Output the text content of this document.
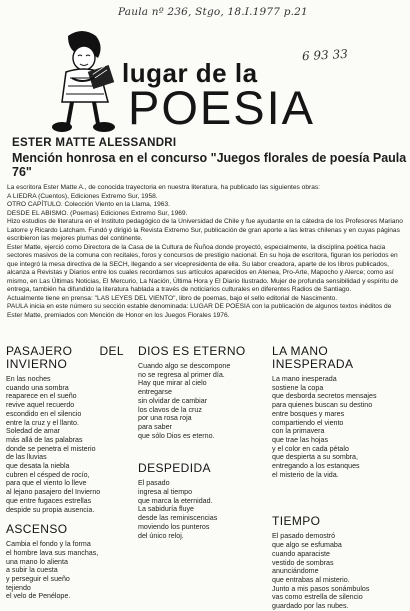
Paula nº 236, Stgo, 18.I.1977 p.21
6 93 33
lugar de la
POESIA
ESTER MATTE ALESSANDRI
Mención honrosa en el concurso "Juegos florales de poesía Paula 76"

La escritora Ester Matte A., de conocida trayectoria en nuestra literatura, ha publicado las siguientes obras:

A LIEDRA (Cuentos), Ediciones Extremo Sur, 1958.

OTRO CAPÍTULO. Colección Viento en la Llama, 1963.

DESDE EL ABISMO. (Poemas) Ediciones Extremo Sur, 1969.

Hizo estudios de literatura en el Instituto pedagógico de la Universidad de Chile y fue ayudante en la cátedra de los Profesores Mariano Latorre y Ricardo Latcham. Fundó y dirigió la Revista Extremo Sur, publicación de gran aporte a las letras chilenas y en cuyas páginas escribieron las mejores plumas del continente.

Ester Matte, ejerció como Directora de la Casa de la Cultura de Ñuñoa donde proyectó, especialmente, la disciplina poética hacia sectores masivos de la comuna con recitales, foros y concursos de prestigio nacional. En su hoja de escritora, figuran los períodos en que integró la mesa directiva de la SECH, llegando a ser vicepresidenta de ella. Su labor creadora, aparte de los libros publicados, alcanza a Revistas y Diarios entre los cuales recordamos sus artículos aparecidos en Atenea, Pro-Arte, Mapocho y Alerce; como así mismo, en Las Últimas Noticias, El Mercurio, La Nación, Última Hora y El Diario Ilustrado. Mujer de profunda sensibilidad y espíritu de entrega, también ha difundido la literatura hablada a través de noticiarios culturales en diferentes Radios de Santiago.

Actualmente tiene en prensa: "LAS LEYES DEL VIENTO", libro de poemas, bajo el sello editorial de Nascimento.

PAULA inicia en este número su sección estable denominada: LUGAR DE POESIA con la publicación de algunos textos inéditos de Ester Matte, premiados con Mención de Honor en los Juegos Florales 1976.

PASAJERO DEL
INVIERNO
En las noches
cuando una sombra
reaparece en el sueño
revive aquel recuerdo
escondido en el silencio
entre la cruz y el llanto.
Soledad de amar
más allá de las palabras
donde se penetra el misterio
de las lluvias
que desata la niebla
cubren el césped de rocío,
para que el viento lo lleve
al lejano pasajero del Invierno
que entre fugaces estrellas
despide su propia ausencia.
ASCENSO
Cambia el fondo y la forma
el hombre lava sus manchas,
una mano lo alienta
a subir la cuesta
y perseguir el sueño
tejiendo
el velo de Penélope.
DIOS ES ETERNO
Cuando algo se descompone
no se regresa al primer día.
Hay que mirar al cielo
entregarse
sin olvidar de cambiar
los clavos de la cruz
por una rosa roja
para saber
que sólo Dios es eterno.
DESPEDIDA
El pasado
ingresa al tiempo
que marca la eternidad.
La sabiduría fluye
desde las reminiscencias
moviendo los punteros
del único reloj.
LA MANO INESPERADA
La mano inesperada
sostiene la copa
que desborda secretos mensajes
para quienes buscan su destino
entre bosques y mares
compartiendo el viento
con la primavera
que trae las hojas
y el color en cada pétalo
que despierta a su sombra,
entregando a los estanques
el misterio de la vida.
TIEMPO
El pasado demostró
que algo se esfumaba
cuando aparaciste
vestido de sombras
anunciándome
que entrabas al misterio.
Junto a mis pasos sonámbulos
vas como estrella de silencio
guardado por las nubes.
